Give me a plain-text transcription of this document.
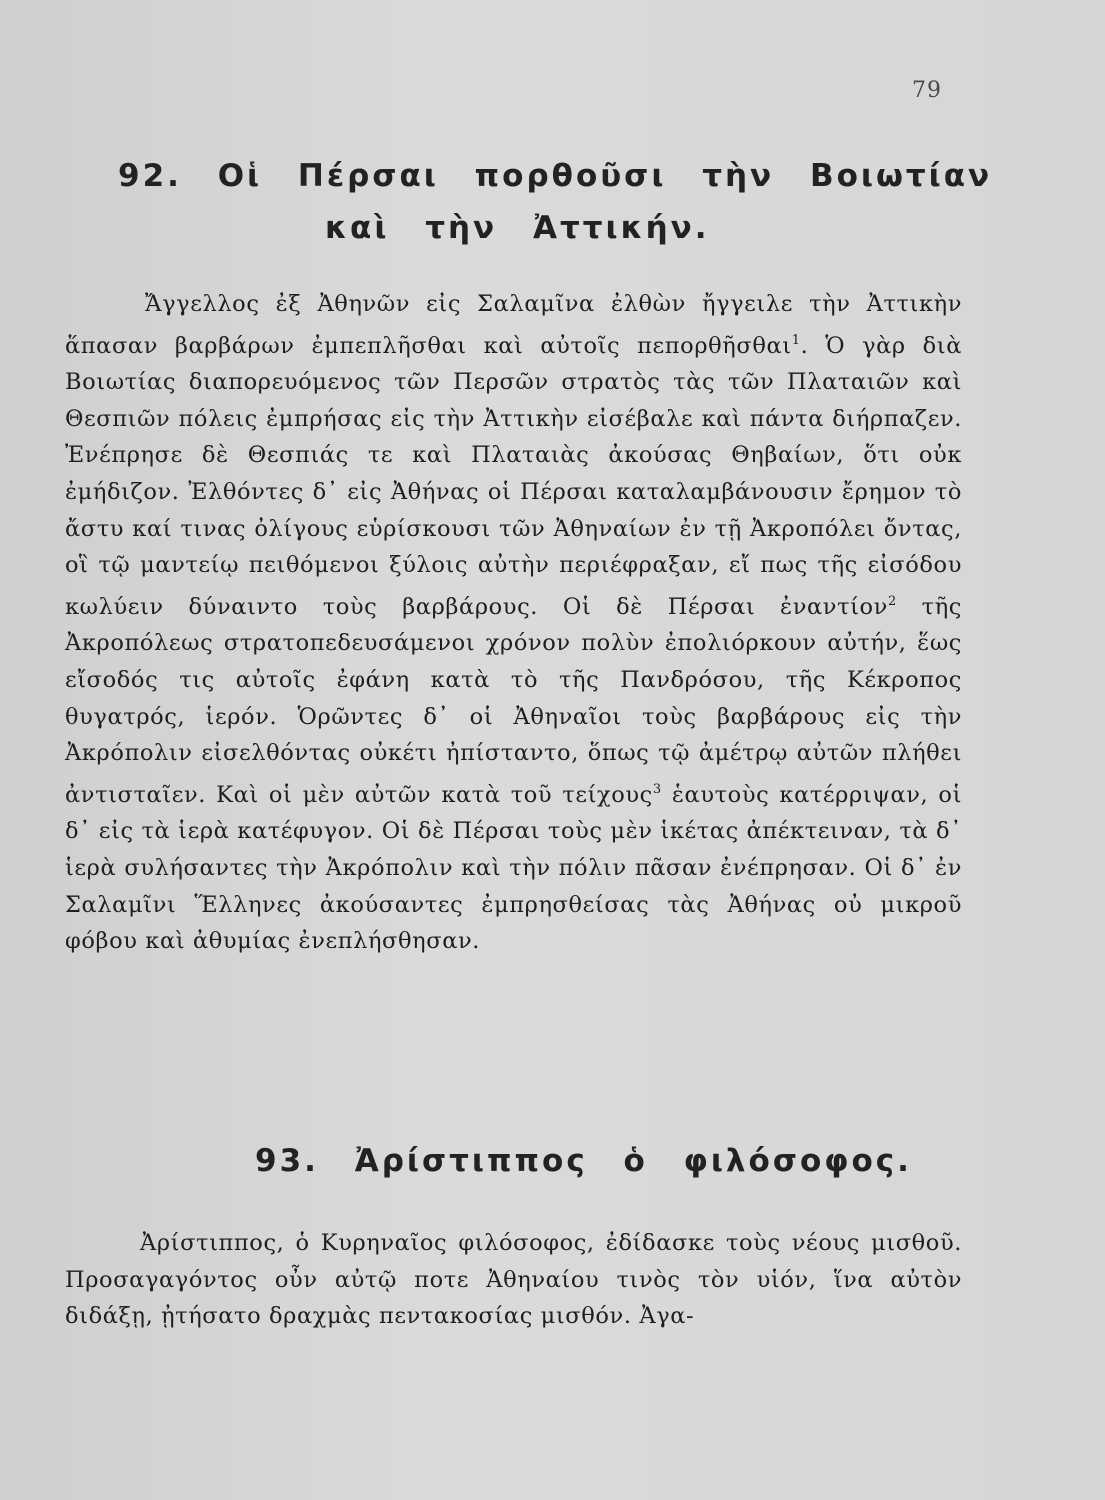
79
92. Οἱ Πέρσαι πορθοῦσι τὴν Βοιωτίαν
καὶ τὴν Ἀττικήν.
Ἄγγελλος ἐξ Ἀθηνῶν εἰς Σαλαμῖνα ἐλθὼν ἤγγειλε τὴν Ἀττικὴν ἅπασαν βαρβάρων ἐμπεπλῆσθαι καὶ αὐτοῖς πεπορθῆσθαι$^1$. Ὁ γὰρ διὰ Βοιωτίας διαπορευόμενος τῶν Περσῶν στρατὸς τὰς τῶν Πλαταιῶν καὶ Θεσπιῶν πόλεις ἐμπρήσας εἰς τὴν Ἀττικὴν εἰσέβαλε καὶ πάντα διήρπαζεν. Ἐνέπρησε δὲ Θεσπιάς τε καὶ Πλαταιὰς ἀκούσας Θηβαίων, ὅτι οὐκ ἐμήδιζον. Ἐλθόντες δ᾿ εἰς Ἀθήνας οἱ Πέρσαι καταλαμβάνουσιν ἔρημον τὸ ἄστυ καί τινας ὀλίγους εὑρίσκουσι τῶν Ἀθηναίων ἐν τῇ Ἀκροπόλει ὄντας, οἳ τῷ μαντείῳ πειθόμενοι ξύλοις αὐτὴν περιέφραξαν, εἴ πως τῆς εἰσόδου κωλύειν δύναιντο τοὺς βαρβάρους. Οἱ δὲ Πέρσαι ἐναντίον$^2$ τῆς Ἀκροπόλεως στρατοπεδευσάμενοι χρόνον πολὺν ἐπολιόρκουν αὐτήν, ἕως εἴσοδός τις αὐτοῖς ἐφάνη κατὰ τὸ τῆς Πανδρόσου, τῆς Κέκροπος θυγατρός, ἱερόν. Ὁρῶντες δ᾿ οἱ Ἀθηναῖοι τοὺς βαρβάρους εἰς τὴν Ἀκρόπολιν εἰσελθόντας οὐκέτι ἠπίσταντο, ὅπως τῷ ἀμέτρῳ αὐτῶν πλήθει ἀντισταῖεν. Καὶ οἱ μὲν αὐτῶν κατὰ τοῦ τείχους$^3$ ἑαυτοὺς κατέρριψαν, οἱ δ᾿ εἰς τὰ ἱερὰ κατέφυγον. Οἱ δὲ Πέρσαι τοὺς μὲν ἱκέτας ἀπέκτειναν, τὰ δ᾿ ἱερὰ συλήσαντες τὴν Ἀκρόπολιν καὶ τὴν πόλιν πᾶσαν ἐνέπρησαν. Οἱ δ᾿ ἐν Σαλαμῖνι Ἕλληνες ἀκούσαντες ἐμπρησθείσας τὰς Ἀθήνας οὐ μικροῦ φόβου καὶ ἀθυμίας ἐνεπλήσθησαν.
93. Ἀρίστιππος ὁ φιλόσοφος.
Ἀρίστιππος, ὁ Κυρηναῖος φιλόσοφος, ἐδίδασκε τοὺς νέους μισθοῦ. Προσαγαγόντος οὖν αὐτῷ ποτε Ἀθηναίου τινὸς τὸν υἱόν, ἵνα αὐτὸν διδάξῃ, ᾐτήσατο δραχμὰς πεντακοσίας μισθόν. Ἀγα-
